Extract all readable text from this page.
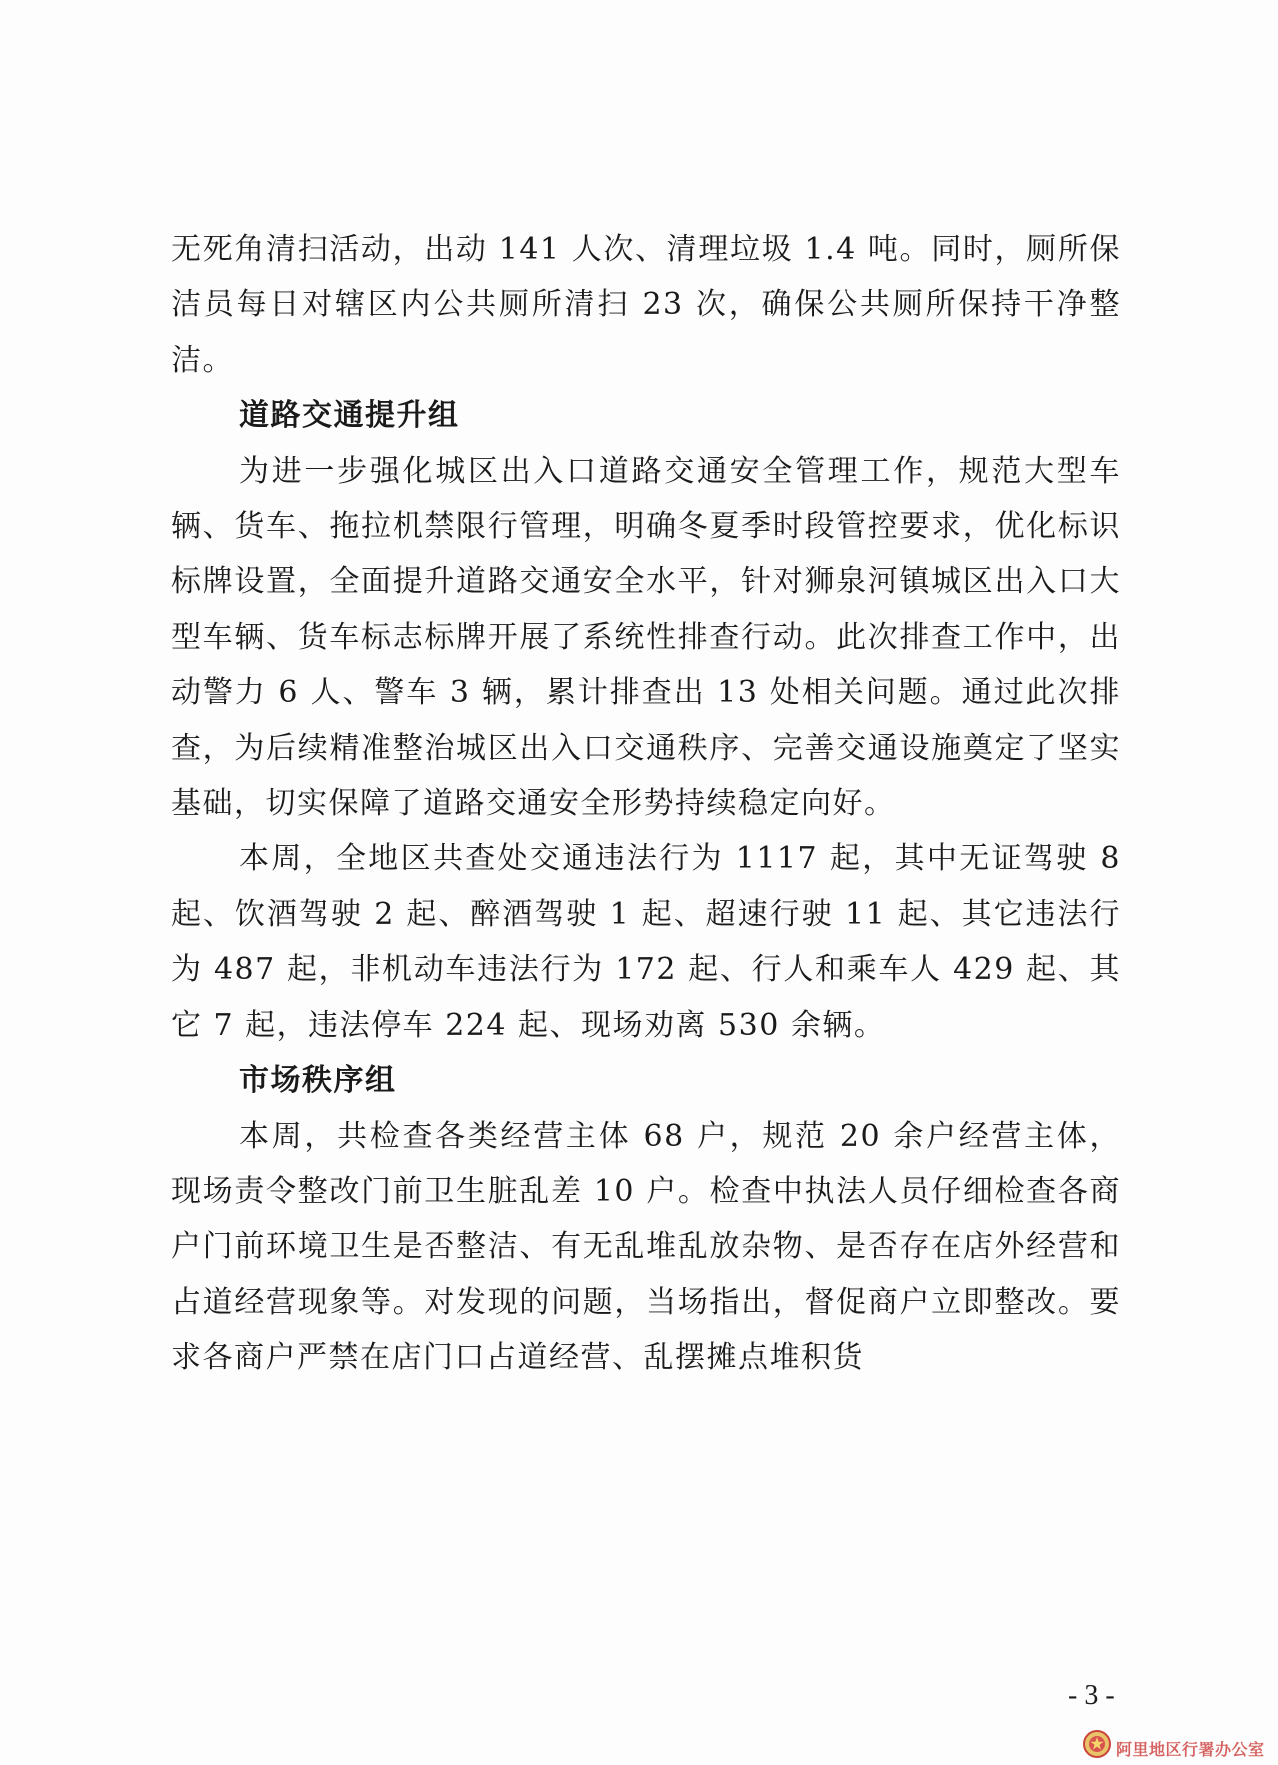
无死角清扫活动，出动 141 人次、清理垃圾 1.4 吨。同时，厕所保洁员每日对辖区内公共厕所清扫 23 次，确保公共厕所保持干净整洁。

道路交通提升组

为进一步强化城区出入口道路交通安全管理工作，规范大型车辆、货车、拖拉机禁限行管理，明确冬夏季时段管控要求，优化标识标牌设置，全面提升道路交通安全水平，针对狮泉河镇城区出入口大型车辆、货车标志标牌开展了系统性排查行动。此次排查工作中，出动警力 6 人、警车 3 辆，累计排查出 13 处相关问题。通过此次排查，为后续精准整治城区出入口交通秩序、完善交通设施奠定了坚实基础，切实保障了道路交通安全形势持续稳定向好。

本周，全地区共查处交通违法行为 1117 起，其中无证驾驶 8 起、饮酒驾驶 2 起、醉酒驾驶 1 起、超速行驶 11 起、其它违法行为 487 起，非机动车违法行为 172 起、行人和乘车人 429 起、其它 7 起，违法停车 224 起、现场劝离 530 余辆。

市场秩序组

本周，共检查各类经营主体 68 户，规范 20 余户经营主体，现场责令整改门前卫生脏乱差 10 户。检查中执法人员仔细检查各商户门前环境卫生是否整洁、有无乱堆乱放杂物、是否存在店外经营和占道经营现象等。对发现的问题，当场指出，督促商户立即整改。要求各商户严禁在店门口占道经营、乱摆摊点堆积货

- 3 -
阿里地区行署办公室
